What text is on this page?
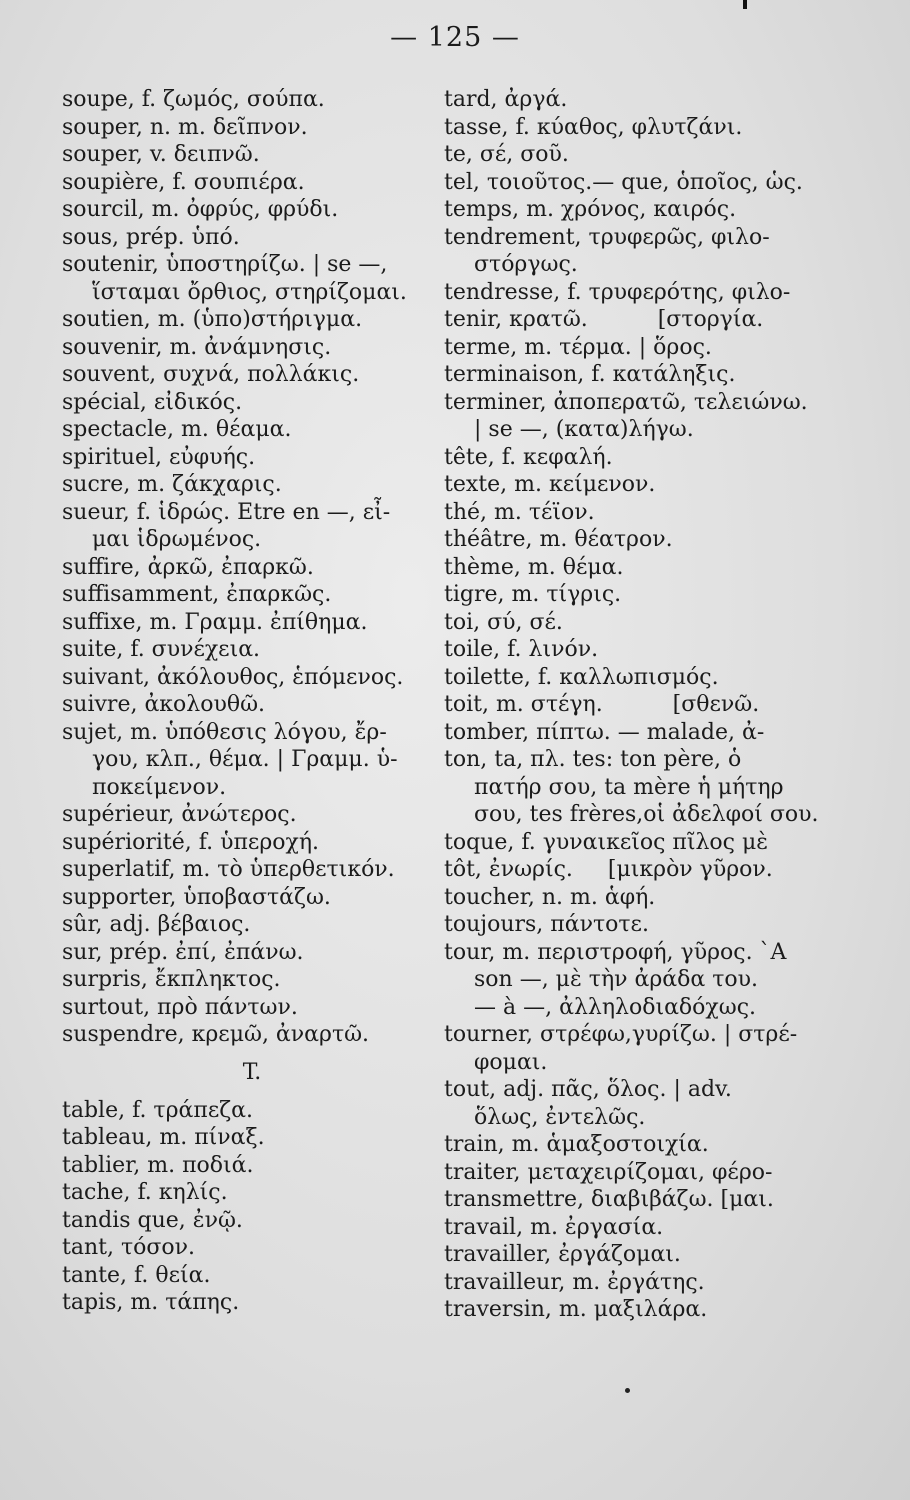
— 125 —
soupe, f. ζωμός, σούπα.
souper, n. m. δεῖπνον.
souper, v. δειπνῶ.
soupière, f. σουπιέρα.
sourcil, m. ὀφρύς, φρύδι.
sous, prép. ὑπό.
soutenir, ὑποστηρίζω. | se —,
ἵσταμαι ὄρθιος, στηρίζομαι.
soutien, m. (ὑπο)στήριγμα.
souvenir, m. ἀνάμνησις.
souvent, συχνά, πολλάκις.
spécial, εἰδικός.
spectacle, m. θέαμα.
spirituel, εὐφυής.
sucre, m. ζάκχαρις.
sueur, f. ἱδρώς. Etre en —, εἶ-
μαι ἱδρωμένος.
suffire, ἀρκῶ, ἐπαρκῶ.
suffisamment, ἐπαρκῶς.
suffixe, m. Γραμμ. ἐπίθημα.
suite, f. συνέχεια.
suivant, ἀκόλουθος, ἑπόμενος.
suivre, ἀκολουθῶ.
sujet, m. ὑπόθεσις λόγου, ἔρ-
γου, κλπ., θέμα. | Γραμμ. ὑ-
ποκείμενον.
supérieur, ἀνώτερος.
supériorité, f. ὑπεροχή.
superlatif, m. τὸ ὑπερθετικόν.
supporter, ὑποβαστάζω.
sûr, adj. βέβαιος.
sur, prép. ἐπί, ἐπάνω.
surpris, ἔκπληκτος.
surtout, πρὸ πάντων.
suspendre, κρεμῶ, ἀναρτῶ.
T.
table, f. τράπεζα.
tableau, m. πίναξ.
tablier, m. ποδιά.
tache, f. κηλίς.
tandis que, ἐνῷ.
tant, τόσον.
tante, f. θεία.
tapis, m. τάπης.
tard, ἀργά.
tasse, f. κύαθος, φλυτζάνι.
te, σέ, σοῦ.
tel, τοιοῦτος.— que, ὁποῖος, ὡς.
temps, m. χρόνος, καιρός.
tendrement, τρυφερῶς, φιλο-
στόργως.
tendresse, f. τρυφερότης, φιλο-
tenir, κρατῶ.          [στοργία.
terme, m. τέρμα. | ὅρος.
terminaison, f. κατάληξις.
terminer, ἀποπερατῶ, τελειώνω.
| se —, (κατα)λήγω.
tête, f. κεφαλή.
texte, m. κείμενον.
thé, m. τέϊον.
théâtre, m. θέατρον.
thème, m. θέμα.
tigre, m. τίγρις.
toi, σύ, σέ.
toile, f. λινόν.
toilette, f. καλλωπισμός.
toit, m. στέγη.          [σθενῶ.
tomber, πίπτω. — malade, ἀ-
ton, ta, πλ. tes: ton père, ὁ
πατήρ σου, ta mère ἡ μήτηρ
σου, tes frères,οἱ ἀδελφοί σου.
toque, f. γυναικεῖος πῖλος μὲ
tôt, ἐνωρίς.     [μικρὸν γῦρον.
toucher, n. m. ἁφή.
toujours, πάντοτε.
tour, m. περιστροφή, γῦρος. `A
son —, μὲ τὴν ἀράδα του.
— à —, ἀλληλοδιαδόχως.
tourner, στρέφω,γυρίζω. | στρέ-
φομαι.
tout, adj. πᾶς, ὅλος. | adv.
ὅλως, ἐντελῶς.
train, m. ἁμαξοστοιχία.
traiter, μεταχειρίζομαι, φέρο-
transmettre, διαβιβάζω. [μαι.
travail, m. ἐργασία.
travailler, ἐργάζομαι.
travailleur, m. ἐργάτης.
traversin, m. μαξιλάρα.
